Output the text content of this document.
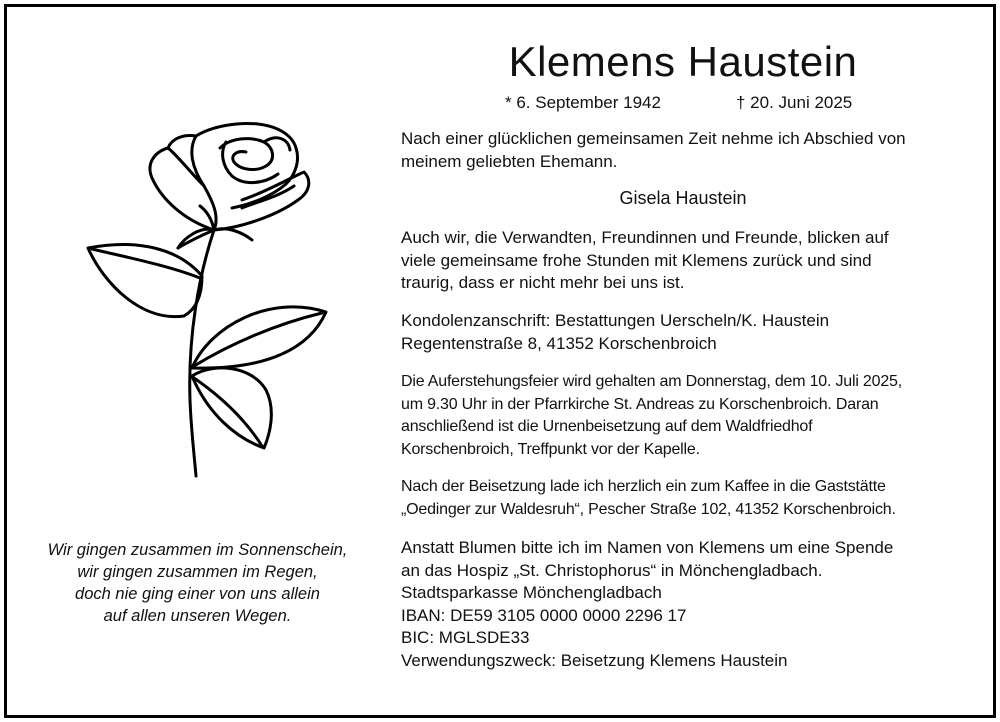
Klemens Haustein
* 6. September 1942	† 20. Juni 2025
Nach einer glücklichen gemeinsamen Zeit nehme ich Abschied von
meinem geliebten Ehemann.
Gisela Haustein
Auch wir, die Verwandten, Freundinnen und Freunde, blicken auf
viele gemeinsame frohe Stunden mit Klemens zurück und sind
traurig, dass er nicht mehr bei uns ist.
Kondolenzanschrift: Bestattungen Uerscheln/K. Haustein
Regentenstraße 8, 41352 Korschenbroich
Die Auferstehungsfeier wird gehalten am Donnerstag, dem 10. Juli 2025,
um 9.30 Uhr in der Pfarrkirche St. Andreas zu Korschenbroich. Daran
anschließend ist die Urnenbeisetzung auf dem Waldfriedhof
Korschenbroich, Treffpunkt vor der Kapelle.
Nach der Beisetzung lade ich herzlich ein zum Kaffee in die Gaststätte
„Oedinger zur Waldesruh“, Pescher Straße 102, 41352 Korschenbroich.
Anstatt Blumen bitte ich im Namen von Klemens um eine Spende
an das Hospiz „St. Christophorus“ in Mönchengladbach.
Stadtsparkasse Mönchengladbach
IBAN: DE59 3105 0000 0000 2296 17
BIC: MGLSDE33
Verwendungszweck: Beisetzung Klemens Haustein
Wir gingen zusammen im Sonnenschein,
wir gingen zusammen im Regen,
doch nie ging einer von uns allein
auf allen unseren Wegen.
